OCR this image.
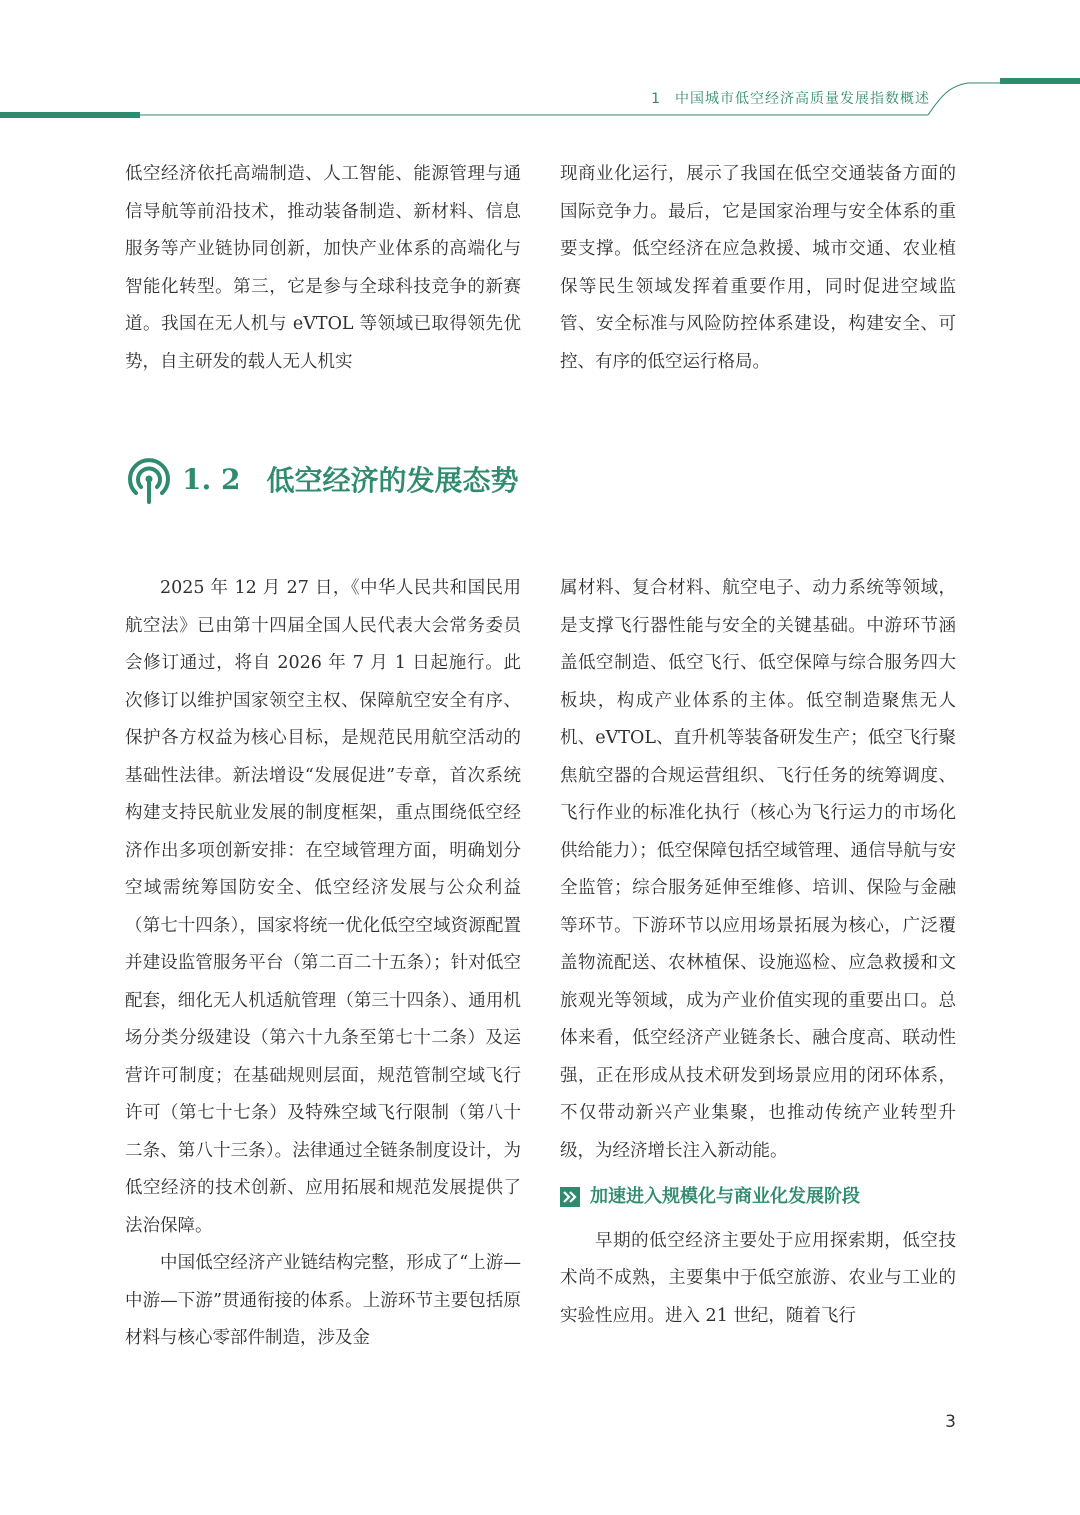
1 中国城市低空经济高质量发展指数概述

低空经济依托高端制造、人工智能、能源管理与通信导航等前沿技术，推动装备制造、新材料、信息服务等产业链协同创新，加快产业体系的高端化与智能化转型。第三，它是参与全球科技竞争的新赛道。我国在无人机与 eVTOL 等领域已取得领先优势，自主研发的载人无人机实

现商业化运行，展示了我国在低空交通装备方面的国际竞争力。最后，它是国家治理与安全体系的重要支撑。低空经济在应急救援、城市交通、农业植保等民生领域发挥着重要作用，同时促进空域监管、安全标准与风险防控体系建设，构建安全、可控、有序的低空运行格局。

1. 2 低空经济的发展态势

2025 年 12 月 27 日，《中华人民共和国民用航空法》已由第十四届全国人民代表大会常务委员会修订通过，将自 2026 年 7 月 1 日起施行。此次修订以维护国家领空主权、保障航空安全有序、保护各方权益为核心目标，是规范民用航空活动的基础性法律。新法增设“发展促进”专章，首次系统构建支持民航业发展的制度框架，重点围绕低空经济作出多项创新安排：在空域管理方面，明确划分空域需统筹国防安全、低空经济发展与公众利益（第七十四条），国家将统一优化低空空域资源配置并建设监管服务平台（第二百二十五条）；针对低空配套，细化无人机适航管理（第三十四条）、通用机场分类分级建设（第六十九条至第七十二条）及运营许可制度；在基础规则层面，规范管制空域飞行许可（第七十七条）及特殊空域飞行限制（第八十二条、第八十三条）。法律通过全链条制度设计，为低空经济的技术创新、应用拓展和规范发展提供了法治保障。

中国低空经济产业链结构完整，形成了“上游—中游—下游”贯通衔接的体系。上游环节主要包括原材料与核心零部件制造，涉及金

属材料、复合材料、航空电子、动力系统等领域，是支撑飞行器性能与安全的关键基础。中游环节涵盖低空制造、低空飞行、低空保障与综合服务四大板块，构成产业体系的主体。低空制造聚焦无人机、eVTOL、直升机等装备研发生产；低空飞行聚焦航空器的合规运营组织、飞行任务的统筹调度、飞行作业的标准化执行（核心为飞行运力的市场化供给能力）；低空保障包括空域管理、通信导航与安全监管；综合服务延伸至维修、培训、保险与金融等环节。下游环节以应用场景拓展为核心，广泛覆盖物流配送、农林植保、设施巡检、应急救援和文旅观光等领域，成为产业价值实现的重要出口。总体来看，低空经济产业链条长、融合度高、联动性强，正在形成从技术研发到场景应用的闭环体系，不仅带动新兴产业集聚，也推动传统产业转型升级，为经济增长注入新动能。

加速进入规模化与商业化发展阶段

早期的低空经济主要处于应用探索期，低空技术尚不成熟，主要集中于低空旅游、农业与工业的实验性应用。进入 21 世纪，随着飞行

3
